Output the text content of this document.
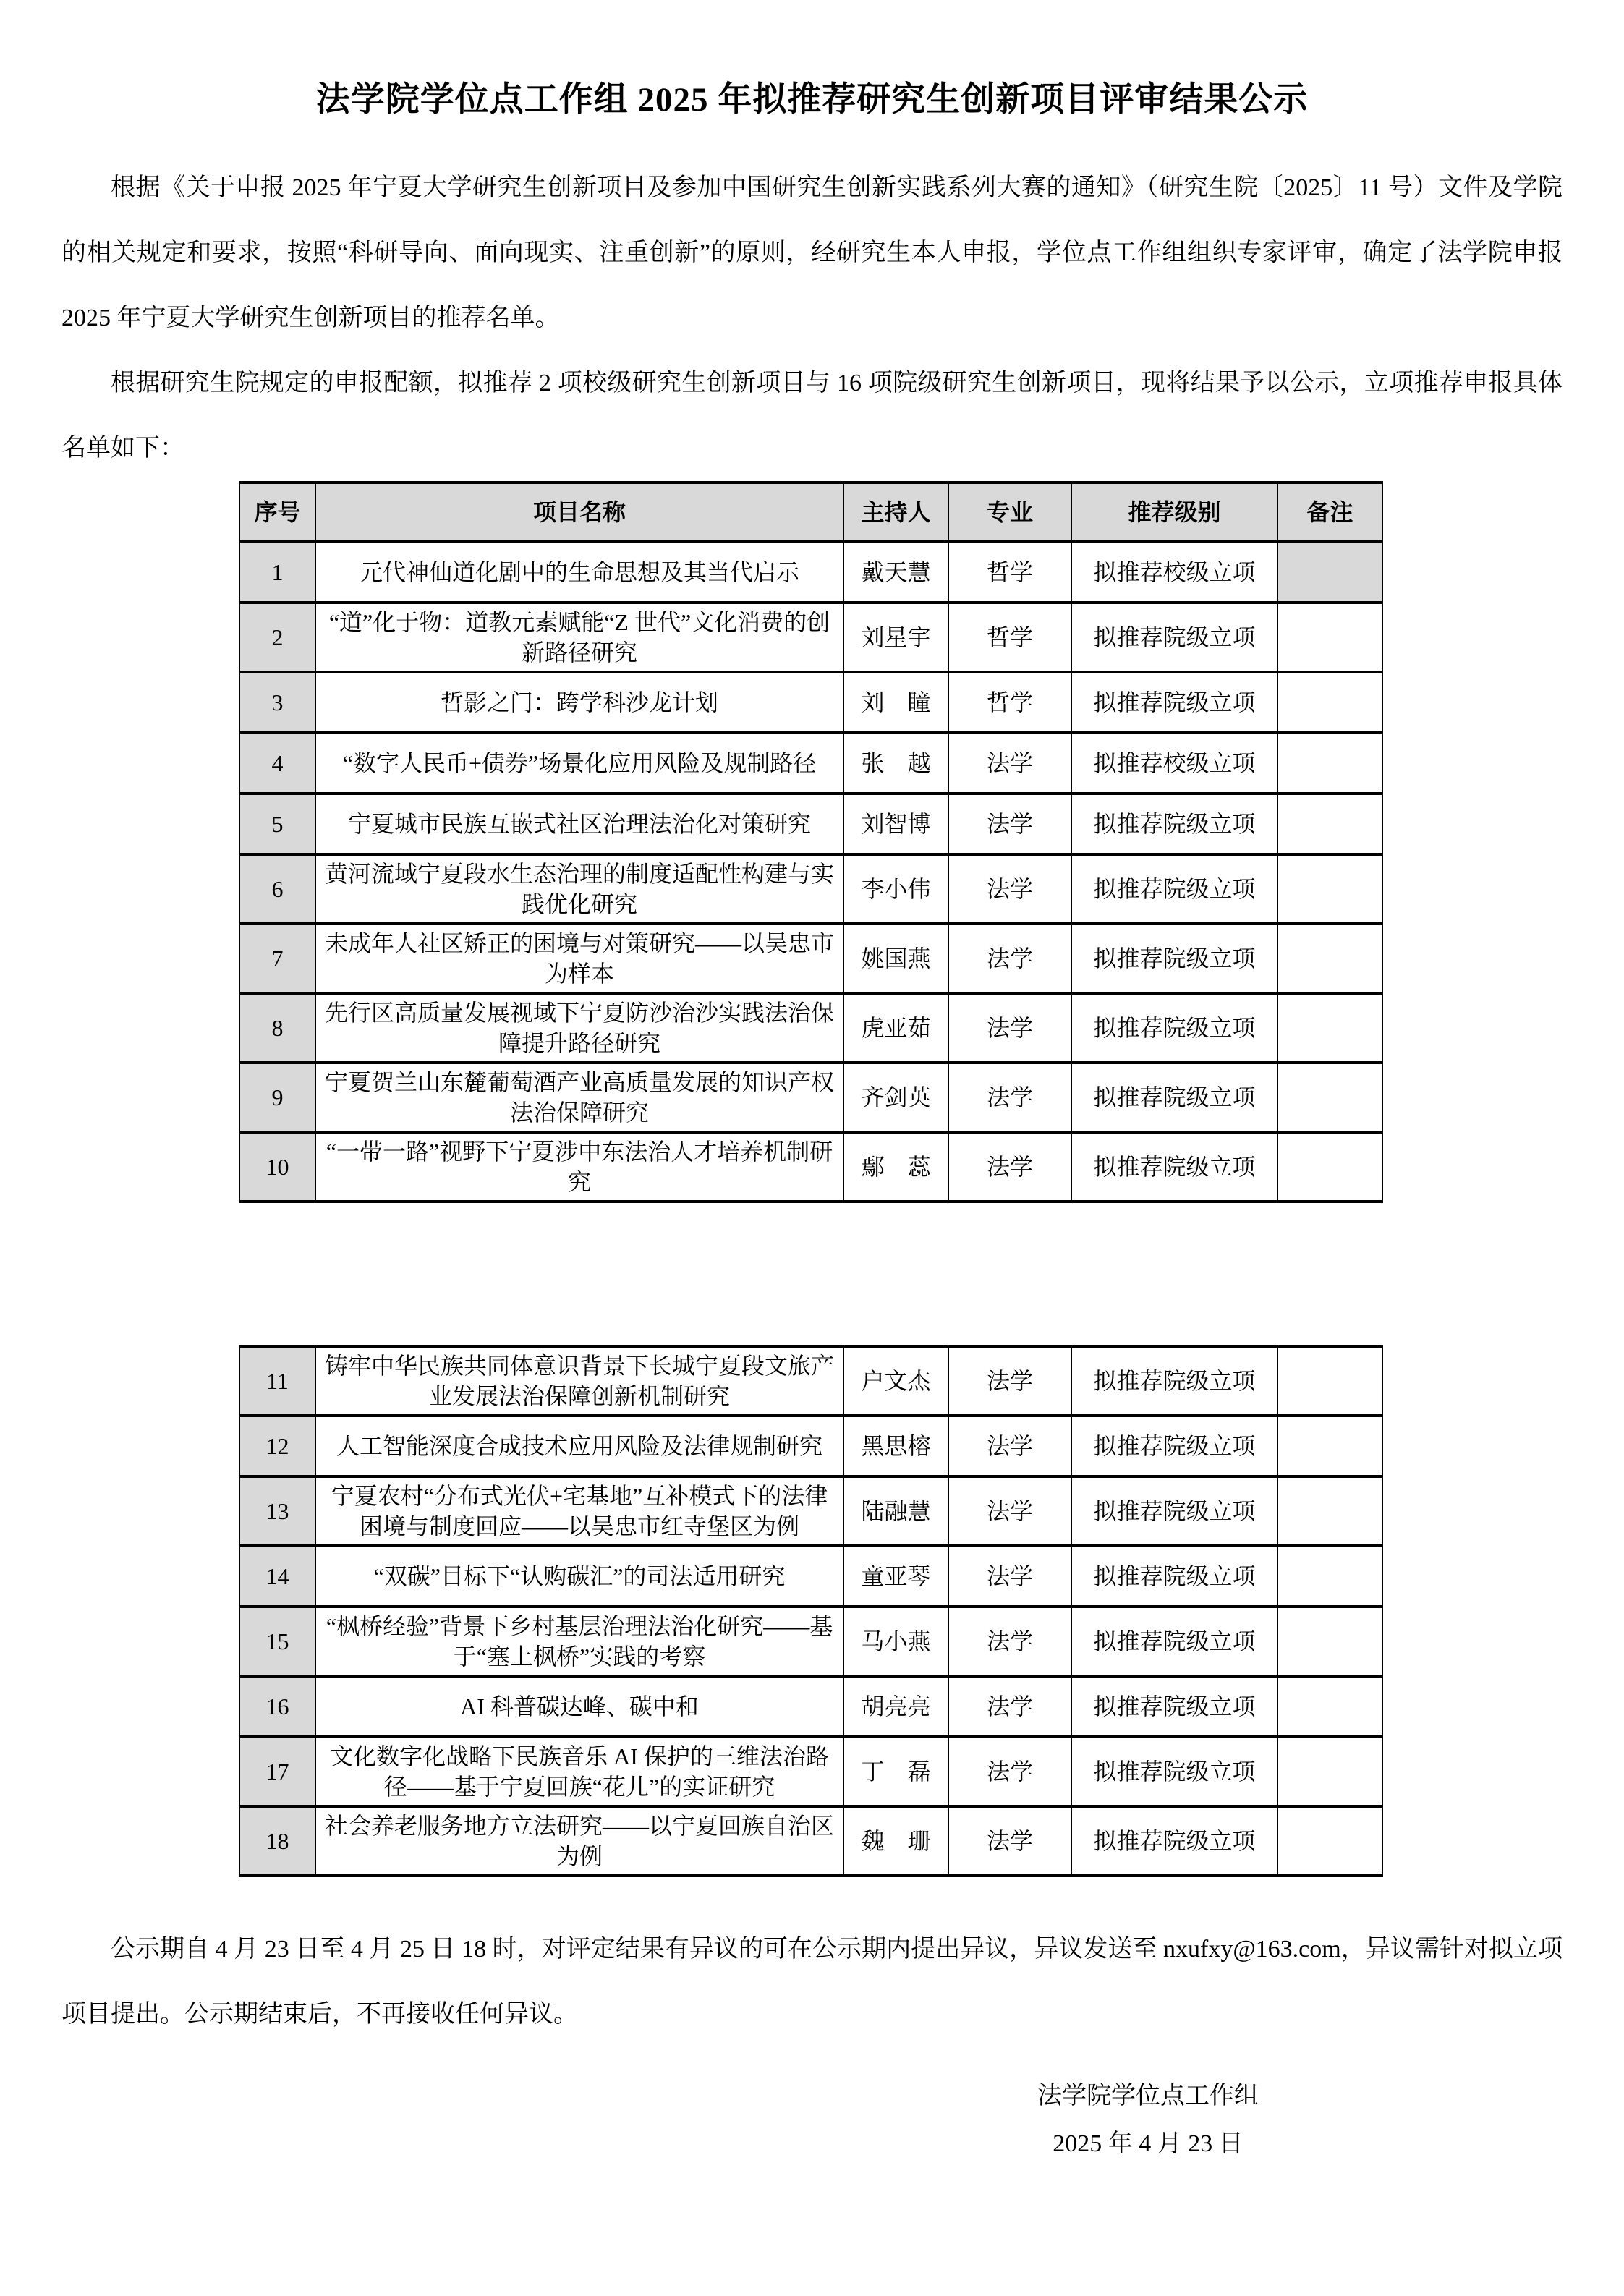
法学院学位点工作组 2025 年拟推荐研究生创新项目评审结果公示

根据《关于申报 2025 年宁夏大学研究生创新项目及参加中国研究生创新实践系列大赛的通知》（研究生院〔2025〕11 号）文件及学院的相关规定和要求，按照“科研导向、面向现实、注重创新”的原则，经研究生本人申报，学位点工作组组织专家评审，确定了法学院申报 2025 年宁夏大学研究生创新项目的推荐名单。

根据研究生院规定的申报配额，拟推荐 2 项校级研究生创新项目与 16 项院级研究生创新项目，现将结果予以公示，立项推荐申报具体名单如下：

序号	项目名称	主持人	专业	推荐级别	备注
1	元代神仙道化剧中的生命思想及其当代启示	戴天慧	哲学	拟推荐校级立项	
2	“道”化于物：道教元素赋能“Z 世代”文化消费的创新路径研究	刘星宇	哲学	拟推荐院级立项	
3	哲影之门：跨学科沙龙计划	刘　瞳	哲学	拟推荐院级立项	
4	“数字人民币+债券”场景化应用风险及规制路径	张　越	法学	拟推荐校级立项	
5	宁夏城市民族互嵌式社区治理法治化对策研究	刘智博	法学	拟推荐院级立项	
6	黄河流域宁夏段水生态治理的制度适配性构建与实践优化研究	李小伟	法学	拟推荐院级立项	
7	未成年人社区矫正的困境与对策研究——以吴忠市为样本	姚国燕	法学	拟推荐院级立项	
8	先行区高质量发展视域下宁夏防沙治沙实践法治保障提升路径研究	虎亚茹	法学	拟推荐院级立项	
9	宁夏贺兰山东麓葡萄酒产业高质量发展的知识产权法治保障研究	齐剑英	法学	拟推荐院级立项	
10	“一带一路”视野下宁夏涉中东法治人才培养机制研究	鄢　蕊	法学	拟推荐院级立项	
11	铸牢中华民族共同体意识背景下长城宁夏段文旅产业发展法治保障创新机制研究	户文杰	法学	拟推荐院级立项	
12	人工智能深度合成技术应用风险及法律规制研究	黑思榕	法学	拟推荐院级立项	
13	宁夏农村“分布式光伏+宅基地”互补模式下的法律困境与制度回应——以吴忠市红寺堡区为例	陆融慧	法学	拟推荐院级立项	
14	“双碳”目标下“认购碳汇”的司法适用研究	童亚琴	法学	拟推荐院级立项	
15	“枫桥经验”背景下乡村基层治理法治化研究——基于“塞上枫桥”实践的考察	马小燕	法学	拟推荐院级立项	
16	AI 科普碳达峰、碳中和	胡亮亮	法学	拟推荐院级立项	
17	文化数字化战略下民族音乐 AI 保护的三维法治路径——基于宁夏回族“花儿”的实证研究	丁　磊	法学	拟推荐院级立项	
18	社会养老服务地方立法研究——以宁夏回族自治区为例	魏　珊	法学	拟推荐院级立项	

公示期自 4 月 23 日至 4 月 25 日 18 时，对评定结果有异议的可在公示期内提出异议，异议发送至 nxufxy@163.com，异议需针对拟立项项目提出。公示期结束后，不再接收任何异议。

法学院学位点工作组
2025 年 4 月 23 日
